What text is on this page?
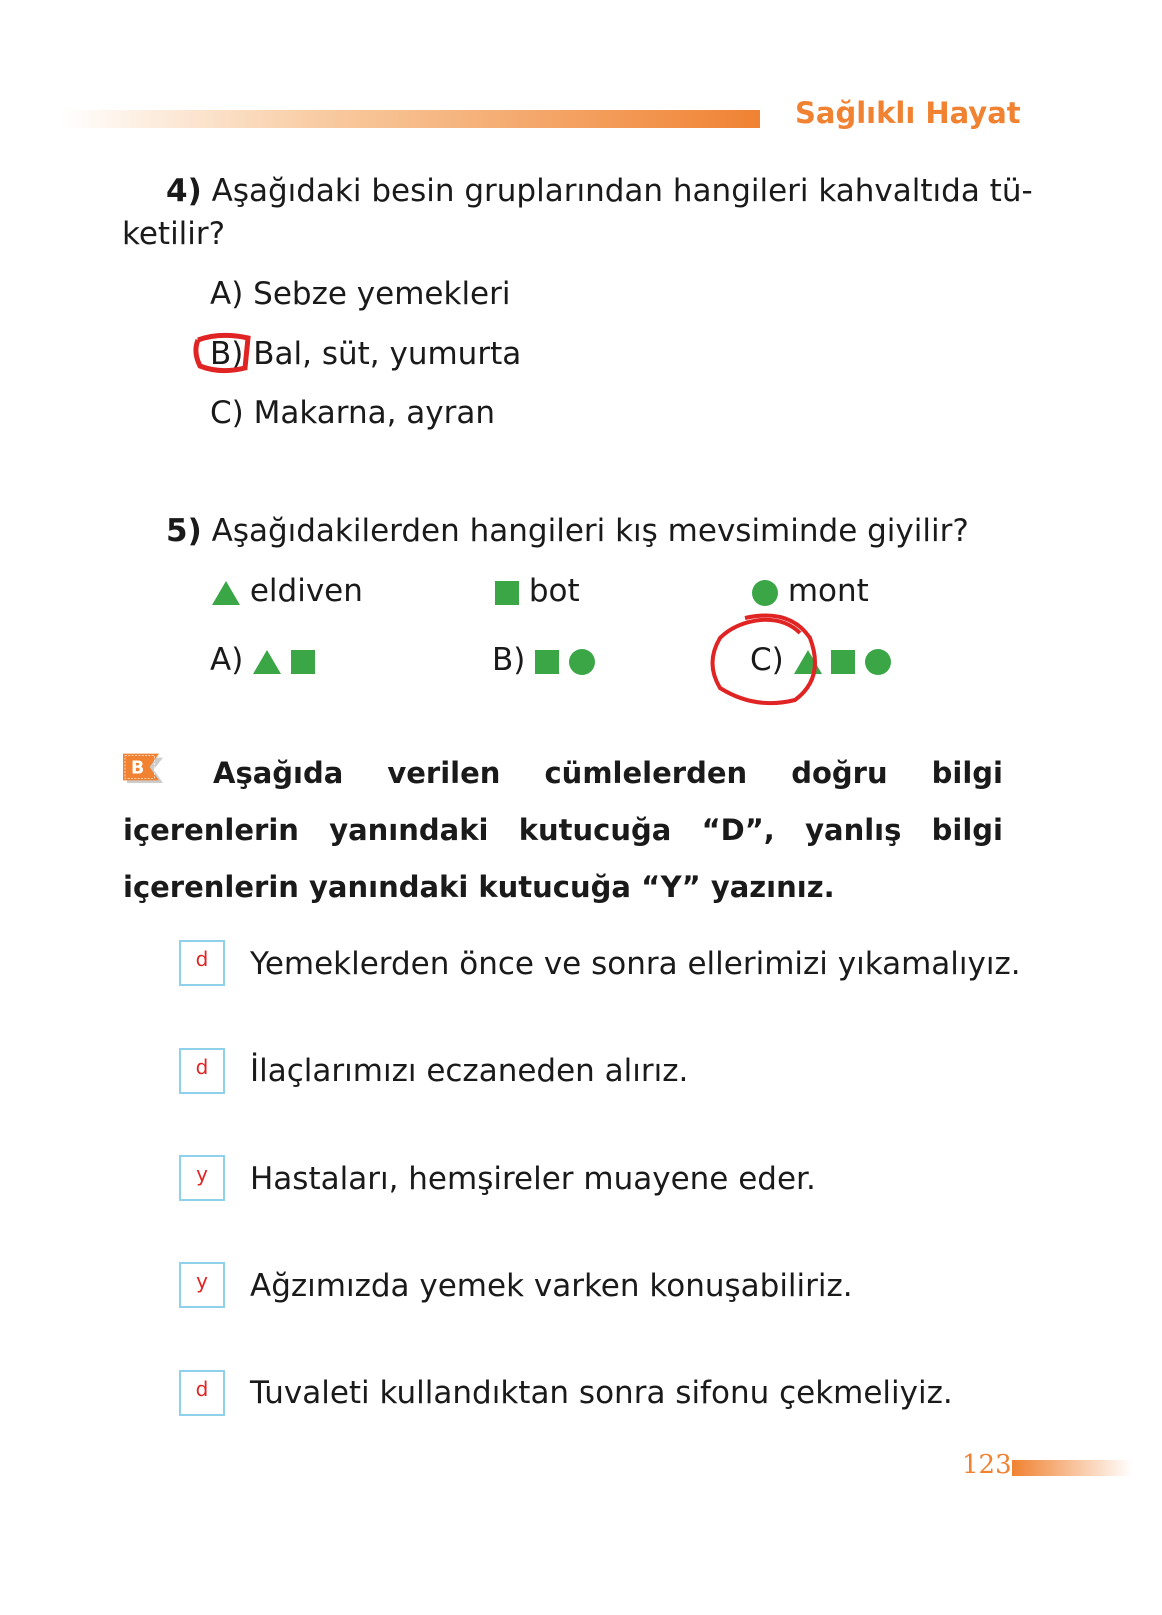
Sağlıklı Hayat
4) Aşağıdaki besin gruplarından hangileri kahvaltıda tü-
ketilir?
A) Sebze yemekleri
B) Bal, süt, yumurta
C) Makarna, ayran
5) Aşağıdakilerden hangileri kış mevsiminde giyilir?
eldiven	bot	mont
A)	B)	C)
B	Aşağıda verilen cümlelerden doğru bilgi içerenlerin yanındaki kutucuğa “D”, yanlış bilgi içerenlerin yanındaki kutucuğa “Y” yazınız.
d	Yemeklerden önce ve sonra ellerimizi yıkamalıyız.
d	İlaçlarımızı eczaneden alırız.
y	Hastaları, hemşireler muayene eder.
y	Ağzımızda yemek varken konuşabiliriz.
d	Tuvaleti kullandıktan sonra sifonu çekmeliyiz.
123
